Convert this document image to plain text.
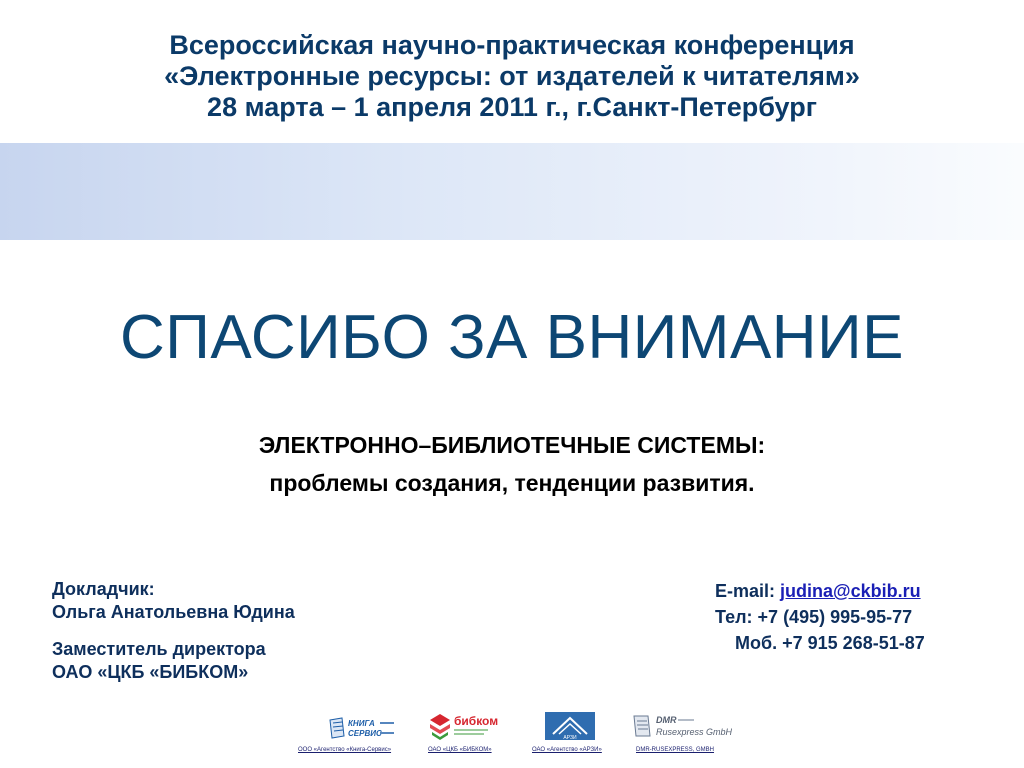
Всероссийская научно-практическая конференция
«Электронные ресурсы: от издателей к читателям»
28 марта – 1 апреля 2011 г., г.Санкт-Петербург
СПАСИБО ЗА ВНИМАНИЕ
ЭЛЕКТРОННО–БИБЛИОТЕЧНЫЕ СИСТЕМЫ:
проблемы создания, тенденции развития.
Докладчик:
Ольга Анатольевна Юдина
Заместитель директора
ОАО «ЦКБ «БИБКОМ»
E-mail: judina@ckbib.ru
Тел: +7 (495) 995-95-77
Моб. +7 915 268-51-87
КНИГА
СЕРВИС
бибком
АРЗИ
DMR
Rusexpress GmbH
ООО «Агентство «Книга-Сервис»	ОАО «ЦКБ «БИБКОМ»	ОАО «Агентство «АРЗИ»	DMR-RUSEXPRESS, GMBH
